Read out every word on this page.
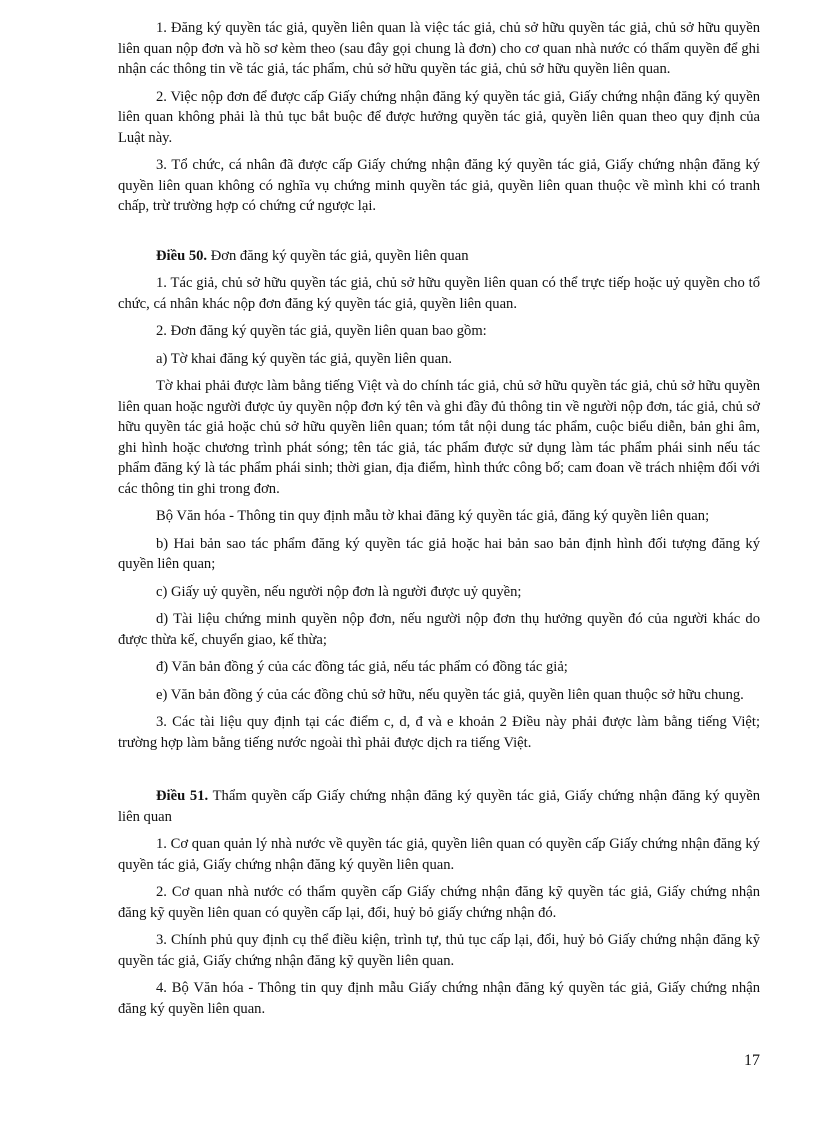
1. Đăng ký quyền tác giả, quyền liên quan là việc tác giả, chủ sở hữu quyền tác giả, chủ sở hữu quyền liên quan nộp đơn và hồ sơ kèm theo (sau đây gọi chung là đơn) cho cơ quan nhà nước có thẩm quyền để ghi nhận các thông tin về tác giả, tác phẩm, chủ sở hữu quyền tác giả, chủ sở hữu quyền liên quan.

2. Việc nộp đơn để được cấp Giấy chứng nhận đăng ký quyền tác giả, Giấy chứng nhận đăng ký quyền liên quan không phải là thủ tục bắt buộc để được hưởng quyền tác giả, quyền liên quan theo quy định của Luật này.

3. Tổ chức, cá nhân đã được cấp Giấy chứng nhận đăng ký quyền tác giả, Giấy chứng nhận đăng ký quyền liên quan không có nghĩa vụ chứng minh quyền tác giả, quyền liên quan thuộc về mình khi có tranh chấp, trừ trường hợp có chứng cứ ngược lại.

Điều 50. Đơn đăng ký quyền tác giả, quyền liên quan

1. Tác giả, chủ sở hữu quyền tác giả, chủ sở hữu quyền liên quan có thể trực tiếp hoặc uỷ quyền cho tổ chức, cá nhân khác nộp đơn đăng ký quyền tác giả, quyền liên quan.

2. Đơn đăng ký quyền tác giả, quyền liên quan bao gồm:

a) Tờ khai đăng ký quyền tác giả, quyền liên quan.

Tờ khai phải được làm bằng tiếng Việt và do chính tác giả, chủ sở hữu quyền tác giả, chủ sở hữu quyền liên quan hoặc người được ủy quyền nộp đơn ký tên và ghi đầy đủ thông tin về người nộp đơn, tác giả, chủ sở hữu quyền tác giả hoặc chủ sở hữu quyền liên quan; tóm tắt nội dung tác phẩm, cuộc biểu diễn, bản ghi âm, ghi hình hoặc chương trình phát sóng; tên tác giả, tác phẩm được sử dụng làm tác phẩm phái sinh nếu tác phẩm đăng ký là tác phẩm phái sinh; thời gian, địa điểm, hình thức công bố; cam đoan về trách nhiệm đối với các thông tin ghi trong đơn.

Bộ Văn hóa - Thông tin quy định mẫu tờ khai đăng ký quyền tác giả, đăng ký quyền liên quan;

b) Hai bản sao tác phẩm đăng ký quyền tác giả hoặc hai bản sao bản định hình đối tượng đăng ký quyền liên quan;

c) Giấy uỷ quyền, nếu người nộp đơn là người được uỷ quyền;

d) Tài liệu chứng minh quyền nộp đơn, nếu người nộp đơn thụ hưởng quyền đó của người khác do được thừa kế, chuyển giao, kế thừa;

đ) Văn bản đồng ý của các đồng tác giả, nếu tác phẩm có đồng tác giả;

e) Văn bản đồng ý của các đồng chủ sở hữu, nếu quyền tác giả, quyền liên quan thuộc sở hữu chung.

3. Các tài liệu quy định tại các điểm c, d, đ và e khoản 2 Điều này phải được làm bằng tiếng Việt; trường hợp làm bằng tiếng nước ngoài thì phải được dịch ra tiếng Việt.

Điều 51. Thẩm quyền cấp Giấy chứng nhận đăng ký quyền tác giả, Giấy chứng nhận đăng ký quyền liên quan

1. Cơ quan quản lý nhà nước về quyền tác giả, quyền liên quan có quyền cấp Giấy chứng nhận đăng ký quyền tác giả, Giấy chứng nhận đăng ký quyền liên quan.

2. Cơ quan nhà nước có thẩm quyền cấp Giấy chứng nhận đăng kỹ quyền tác giả, Giấy chứng nhận đăng kỹ quyền liên quan có quyền cấp lại, đổi, huỷ bỏ giấy chứng nhận đó.

3. Chính phủ quy định cụ thể điều kiện, trình tự, thủ tục cấp lại, đổi, huỷ bỏ Giấy chứng nhận đăng kỹ quyền tác giả, Giấy chứng nhận đăng kỹ quyền liên quan.

4. Bộ Văn hóa - Thông tin quy định mẫu Giấy chứng nhận đăng ký quyền tác giả, Giấy chứng nhận đăng ký quyền liên quan.

17
